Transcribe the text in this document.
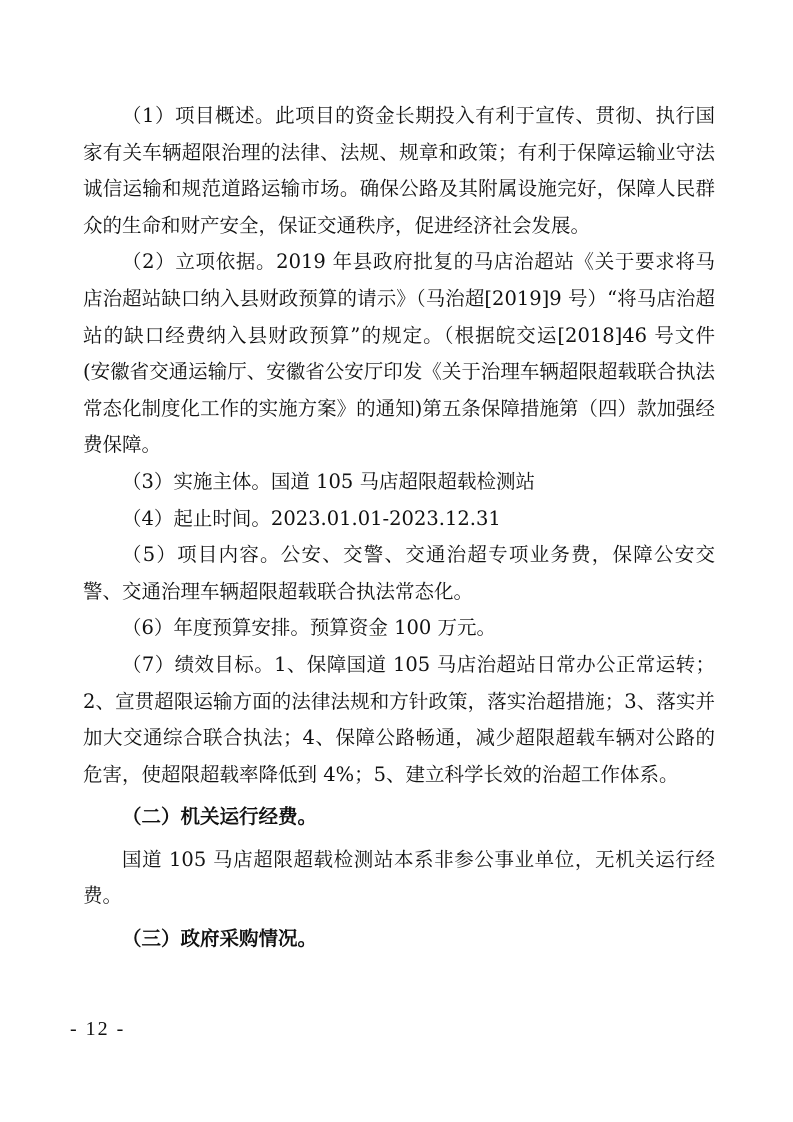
（1）项目概述。此项目的资金长期投入有利于宣传、贯彻、执行国家有关车辆超限治理的法律、法规、规章和政策；有利于保障运输业守法诚信运输和规范道路运输市场。确保公路及其附属设施完好，保障人民群众的生命和财产安全，保证交通秩序，促进经济社会发展。

（2）立项依据。2019 年县政府批复的马店治超站《关于要求将马店治超站缺口纳入县财政预算的请示》（马治超[2019]9 号）“将马店治超站的缺口经费纳入县财政预算”的规定。（根据皖交运[2018]46 号文件 (安徽省交通运输厅、安徽省公安厅印发《关于治理车辆超限超载联合执法常态化制度化工作的实施方案》的通知)第五条保障措施第（四）款加强经费保障。

（3）实施主体。国道 105 马店超限超载检测站

（4）起止时间。2023.01.01-2023.12.31

（5）项目内容。公安、交警、交通治超专项业务费，保障公安交警、交通治理车辆超限超载联合执法常态化。

（6）年度预算安排。预算资金 100 万元。

（7）绩效目标。1、保障国道 105 马店治超站日常办公正常运转；2、宣贯超限运输方面的法律法规和方针政策，落实治超措施；3、落实并加大交通综合联合执法；4、保障公路畅通，减少超限超载车辆对公路的危害，使超限超载率降低到 4%；5、建立科学长效的治超工作体系。

（二）机关运行经费。

国道 105 马店超限超载检测站本系非参公事业单位，无机关运行经费。

（三）政府采购情况。

- 12 -
